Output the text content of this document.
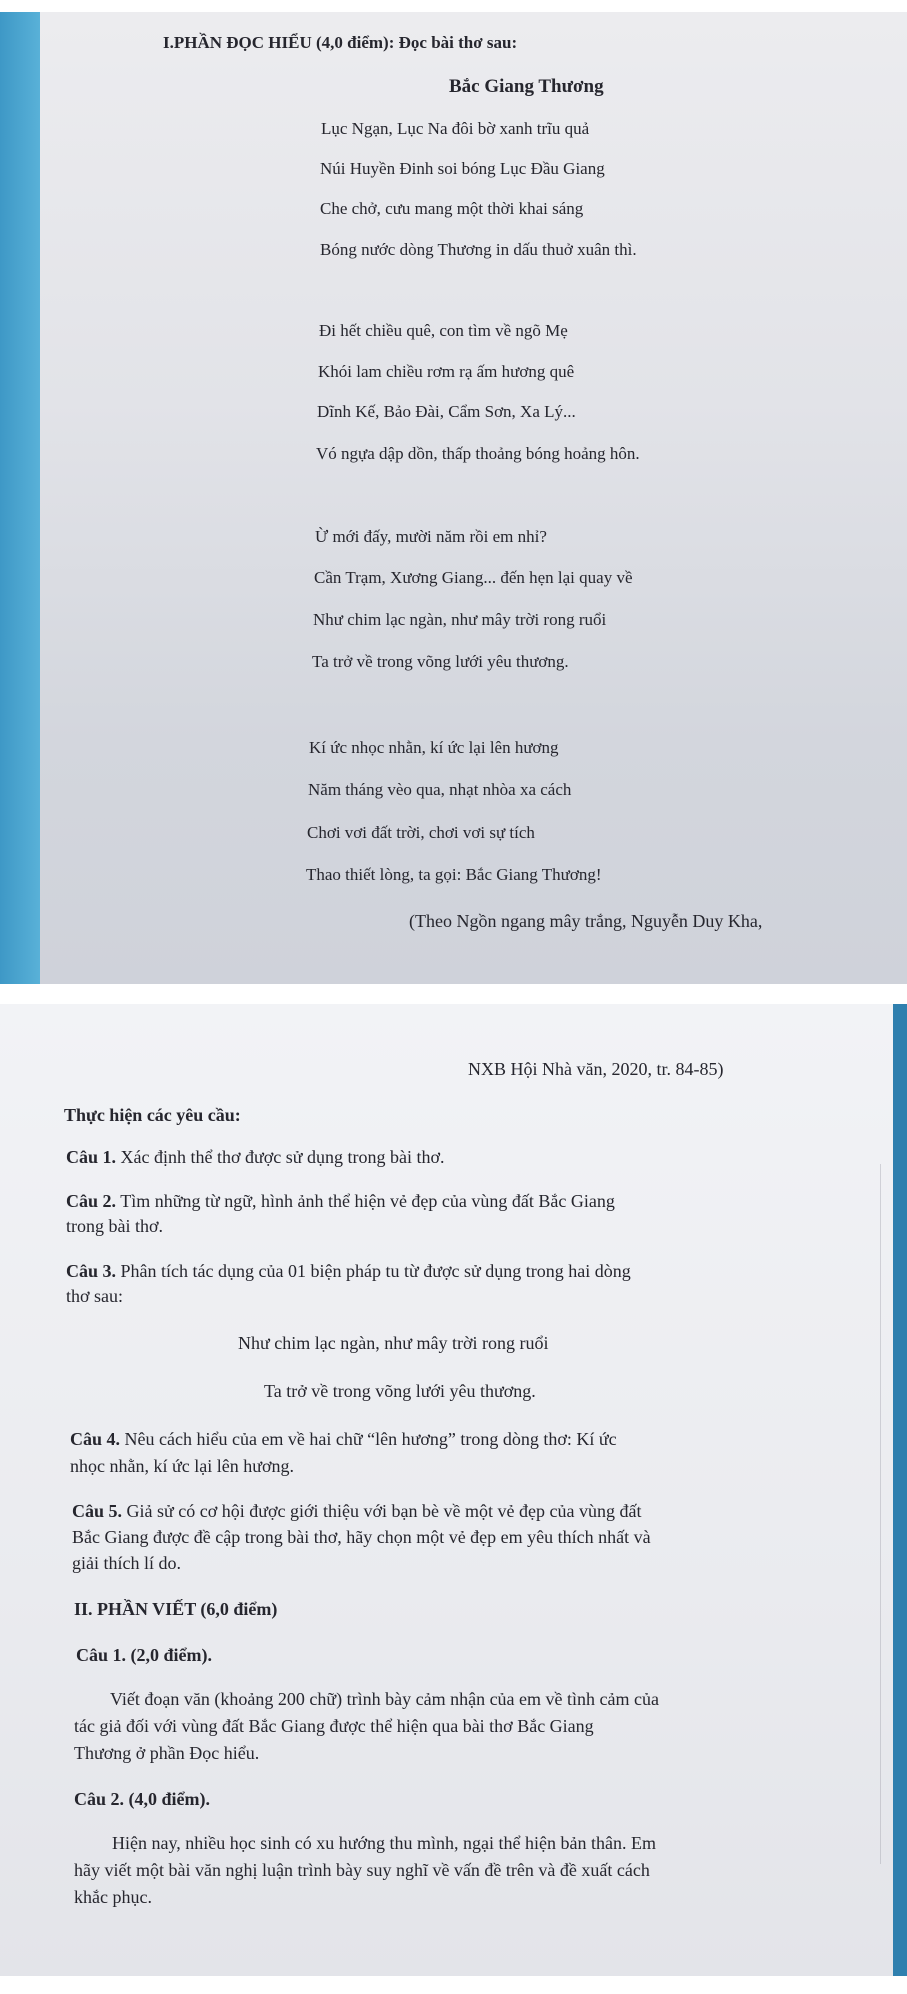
I.PHẦN ĐỌC HIỂU (4,0 điểm): Đọc bài thơ sau:
Bắc Giang Thương
Lục Ngạn, Lục Na đôi bờ xanh trĩu quả
Núi Huyền Đinh soi bóng Lục Đầu Giang
Che chở, cưu mang một thời khai sáng
Bóng nước dòng Thương in dấu thuở xuân thì.
Đi hết chiều quê, con tìm về ngõ Mẹ
Khói lam chiều rơm rạ ấm hương quê
Dĩnh Kế, Bảo Đài, Cẩm Sơn, Xa Lý...
Vó ngựa dập dồn, thấp thoảng bóng hoảng hôn.
Ừ mới đấy, mười năm rồi em nhỉ?
Cần Trạm, Xương Giang... đến hẹn lại quay về
Như chim lạc ngàn, như mây trời rong ruổi
Ta trở về trong võng lưới yêu thương.
Kí ức nhọc nhằn, kí ức lại lên hương
Năm tháng vèo qua, nhạt nhòa xa cách
Chơi vơi đất trời, chơi vơi sự tích
Thao thiết lòng, ta gọi: Bắc Giang Thương!
(Theo Ngồn ngang mây trắng, Nguyễn Duy Kha,
NXB Hội Nhà văn, 2020, tr. 84-85)
Thực hiện các yêu cầu:
Câu 1. Xác định thể thơ được sử dụng trong bài thơ.
Câu 2. Tìm những từ ngữ, hình ảnh thể hiện vẻ đẹp của vùng đất Bắc Giang
trong bài thơ.
Câu 3. Phân tích tác dụng của 01 biện pháp tu từ được sử dụng trong hai dòng
thơ sau:
Như chim lạc ngàn, như mây trời rong ruổi
Ta trở về trong võng lưới yêu thương.
Câu 4. Nêu cách hiểu của em về hai chữ “lên hương” trong dòng thơ: Kí ức
nhọc nhằn, kí ức lại lên hương.
Câu 5. Giả sử có cơ hội được giới thiệu với bạn bè về một vẻ đẹp của vùng đất
Bắc Giang được đề cập trong bài thơ, hãy chọn một vẻ đẹp em yêu thích nhất và
giải thích lí do.
II. PHẦN VIẾT (6,0 điểm)
Câu 1. (2,0 điểm).
Viết đoạn văn (khoảng 200 chữ) trình bày cảm nhận của em về tình cảm của
tác giả đối với vùng đất Bắc Giang được thể hiện qua bài thơ Bắc Giang
Thương ở phần Đọc hiểu.
Câu 2. (4,0 điểm).
Hiện nay, nhiều học sinh có xu hướng thu mình, ngại thể hiện bản thân. Em
hãy viết một bài văn nghị luận trình bày suy nghĩ về vấn đề trên và đề xuất cách
khắc phục.
